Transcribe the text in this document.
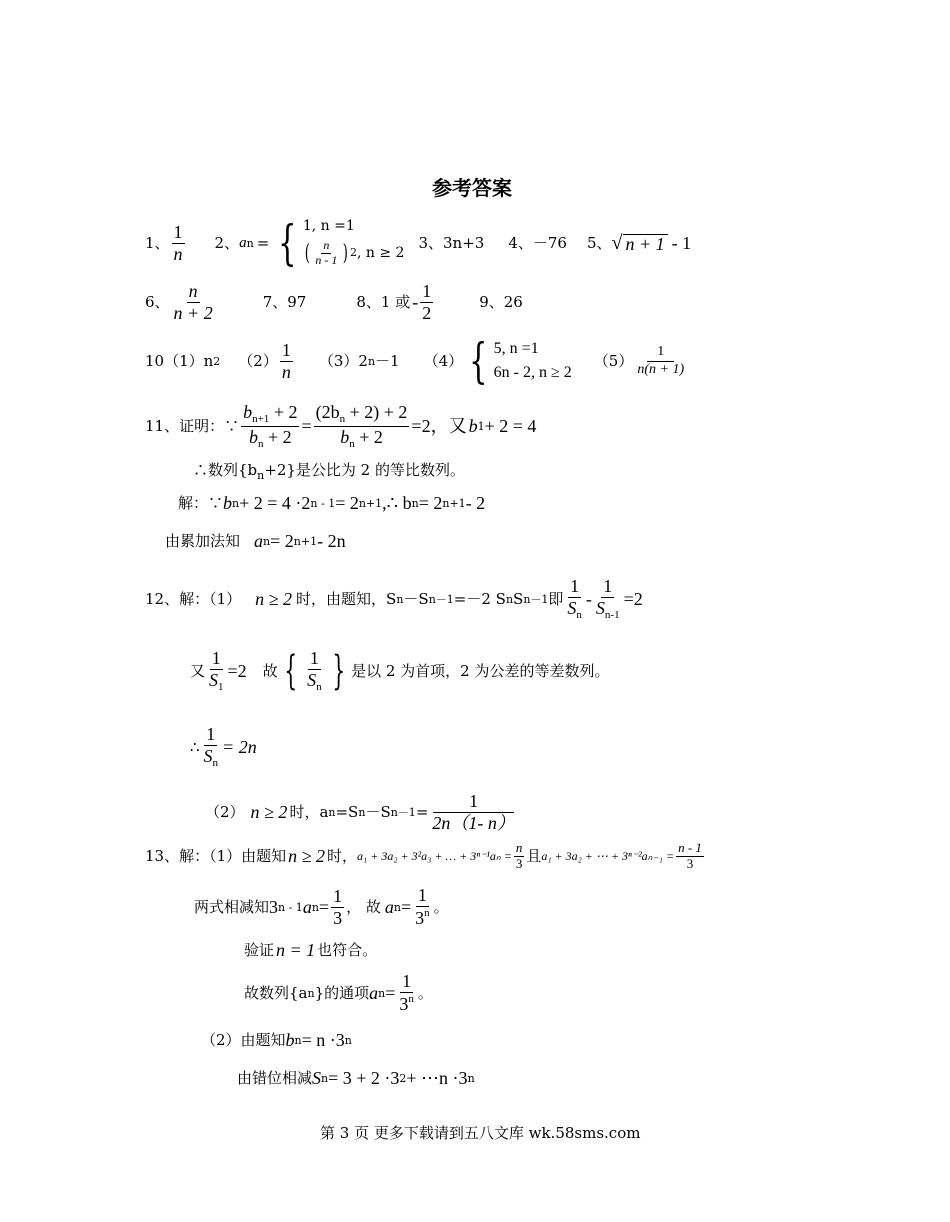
参考答案
1、 $\frac{1}{n} 2$、 a n = { 1, n =1
( $\frac{n}{n - 1}$ ) 2 , n ≥ 2
3、3n+3 4、－76 5、 √ n + 1 - 1
6、 $\frac{n}{n + 2}$	7、97	8、1 或 - $\frac{1}{2}$	9、26
10（1）n 2 $(2) \frac{1}{n} (3)2$ n －1 （4） { 5, n =1
6n - 2, n ≥ 2
$(5) \frac{1}{n(n + 1)}$
11、证明：∵ $\frac{b_{n+1} + 2}{b_n + 2} = \frac{(2b_n + 2) + 2}{b_n + 2} =2$，又 b 1 + 2 = 4
∴数列$\{b_n+2\}$是公比为 2 的等比数列。
解：∵ b n + 2 = 4 ·2 n - 1 = 2 n+1 ,∴ b n = 2 n+1 - 2
由累加法知 a n = 2 n+1 - 2n
12、解：（1） n ≥ 2 时，由题知，S n －S n－1 =－2 S n S n－1 即 $\frac{1}{S_n} - \frac{1}{S_{n-1}} =2$
又 $\frac{1}{S_1} =2$ 故 { $\frac{1}{S_n}$ } 是以 2 为首项，2 为公差的等差数列。
∴ $\frac{1}{S_n} = 2n$
（2） n ≥ 2 时，a n =S n －S $n-1 = \frac{1}{2n(1- n)}$
13、解：（1）由题知 n ≥ 2 时， a₁ + 3a₂ + 3²a₃ + … + $3^{n-1}a_n = \frac{n}{3}$ 且 a₁ + 3a₂ + ⋯ + $3^{n-2}a_{n-1} = \frac{n - 1}{3}$
两式相减知 3 n - 1 a $n = \frac{1}{3}$ ， 故 a $n = \frac{1}{3^n}$ 。
验证 n = 1 也符合。
故数列{a n }的通项 a $n = \frac{1}{3^n}$ 。
（2）由题知 b n = n ·3 n
由错位相减 S n = 3 + 2 ·3 2 + ⋯n ·3 n
第 3 页 更多下载请到五八文库 wk.58sms.com
